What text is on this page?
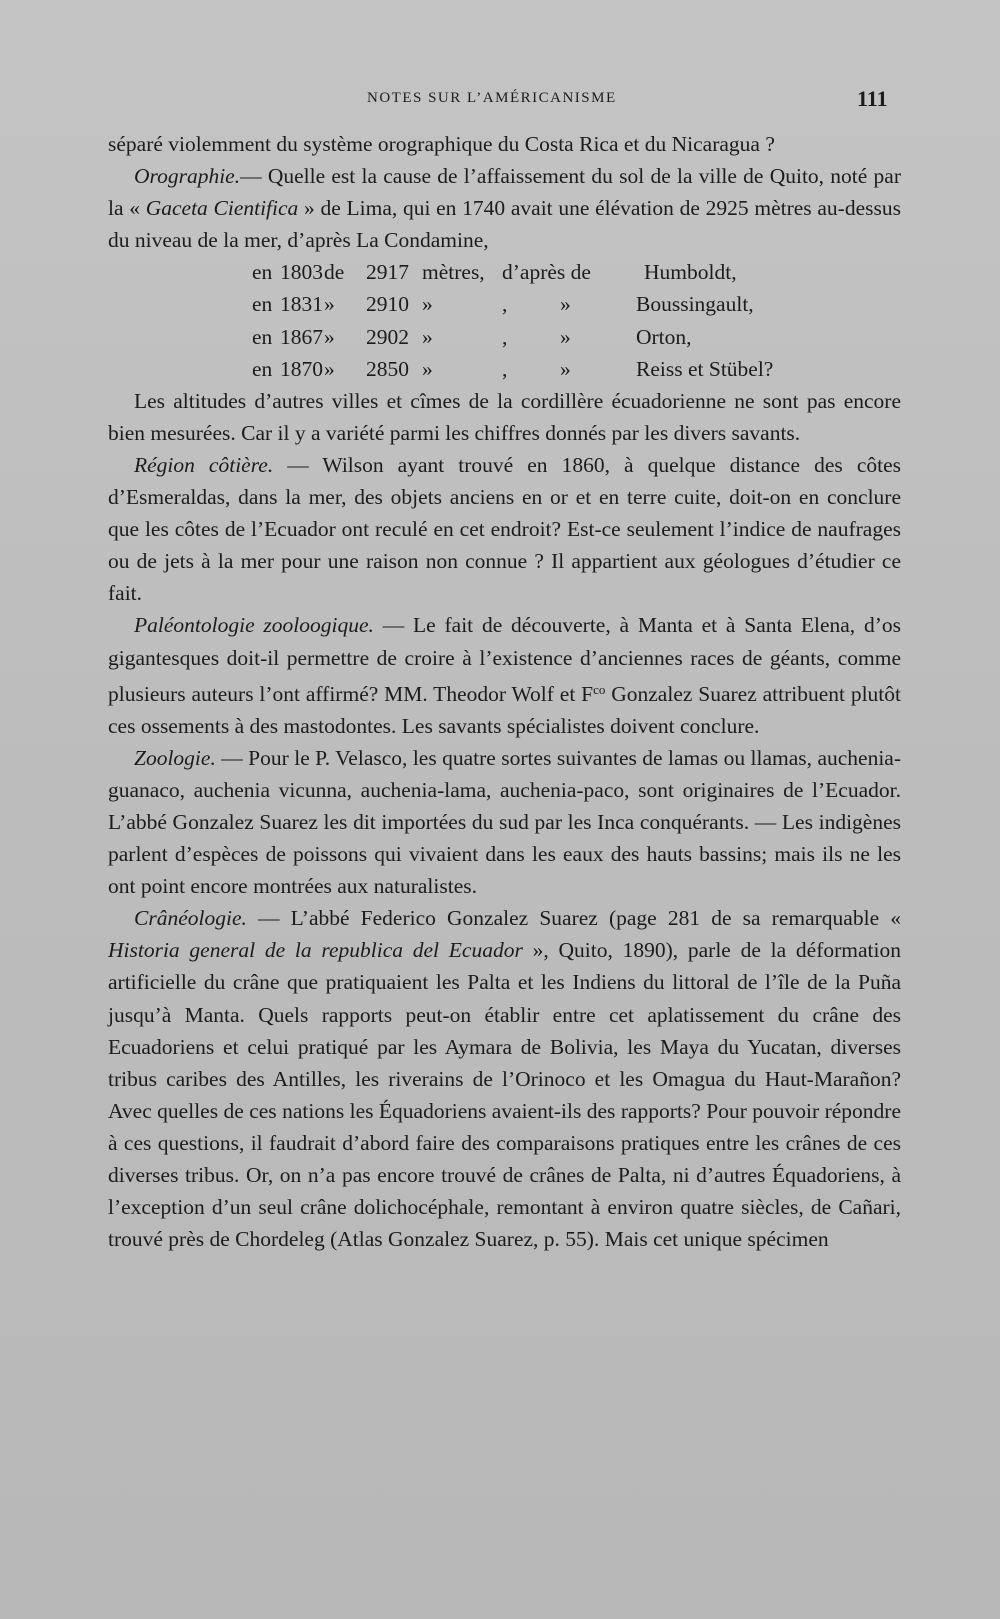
NOTES SUR L’AMÉRICANISME	111

séparé violemment du système orographique du Costa Rica et du Nicaragua ?

Orographie.— Quelle est la cause de l’affaissement du sol de la ville de Quito, noté par la « Gaceta Cientifica » de Lima, qui en 1740 avait une élévation de 2925 mètres au-dessus du niveau de la mer, d’après La Condamine,

en	1803	de	2917	mètres,	d’après de		Humboldt,
en	1831	»	2910	»	,	»	Boussingault,
en	1867	»	2902	»	,	»	Orton,
en	1870	»	2850	»	,	»	Reiss et Stübel?

Les altitudes d’autres villes et cîmes de la cordillère écuadorienne ne sont pas encore bien mesurées. Car il y a variété parmi les chiffres donnés par les divers savants.

Région côtière. — Wilson ayant trouvé en 1860, à quelque distance des côtes d’Esmeraldas, dans la mer, des objets anciens en or et en terre cuite, doit-on en conclure que les côtes de l’Ecuador ont reculé en cet endroit? Est-ce seulement l’indice de naufrages ou de jets à la mer pour une raison non connue ? Il appartient aux géologues d’étudier ce fait.

Paléontologie zooloogique. — Le fait de découverte, à Manta et à Santa Elena, d’os gigantesques doit-il permettre de croire à l’existence d’anciennes races de géants, comme plusieurs auteurs l’ont affirmé? MM. Theodor Wolf et $F^{co}$ Gonzalez Suarez attribuent plutôt ces ossements à des mastodontes. Les savants spécialistes doivent conclure.

Zoologie. — Pour le P. Velasco, les quatre sortes suivantes de lamas ou llamas, auchenia-guanaco, auchenia vicunna, auchenia-lama, auchenia-paco, sont originaires de l’Ecuador. L’abbé Gonzalez Suarez les dit importées du sud par les Inca conquérants. — Les indigènes parlent d’espèces de poissons qui vivaient dans les eaux des hauts bassins; mais ils ne les ont point encore montrées aux naturalistes.

Crânéologie. — L’abbé Federico Gonzalez Suarez (page 281 de sa remarquable « Historia general de la republica del Ecuador », Quito, 1890), parle de la déformation artificielle du crâne que pratiquaient les Palta et les Indiens du littoral de l’île de la Puña jusqu’à Manta. Quels rapports peut-on établir entre cet aplatissement du crâne des Ecuadoriens et celui pratiqué par les Aymara de Bolivia, les Maya du Yucatan, diverses tribus caribes des Antilles, les riverains de l’Orinoco et les Omagua du Haut-Marañon? Avec quelles de ces nations les Équadoriens avaient-ils des rapports? Pour pouvoir répondre à ces questions, il faudrait d’abord faire des comparaisons pratiques entre les crânes de ces diverses tribus. Or, on n’a pas encore trouvé de crânes de Palta, ni d’autres Équadoriens, à l’exception d’un seul crâne dolichocéphale, remontant à environ quatre siècles, de Cañari, trouvé près de Chordeleg (Atlas Gonzalez Suarez, p. 55). Mais cet unique spécimen
